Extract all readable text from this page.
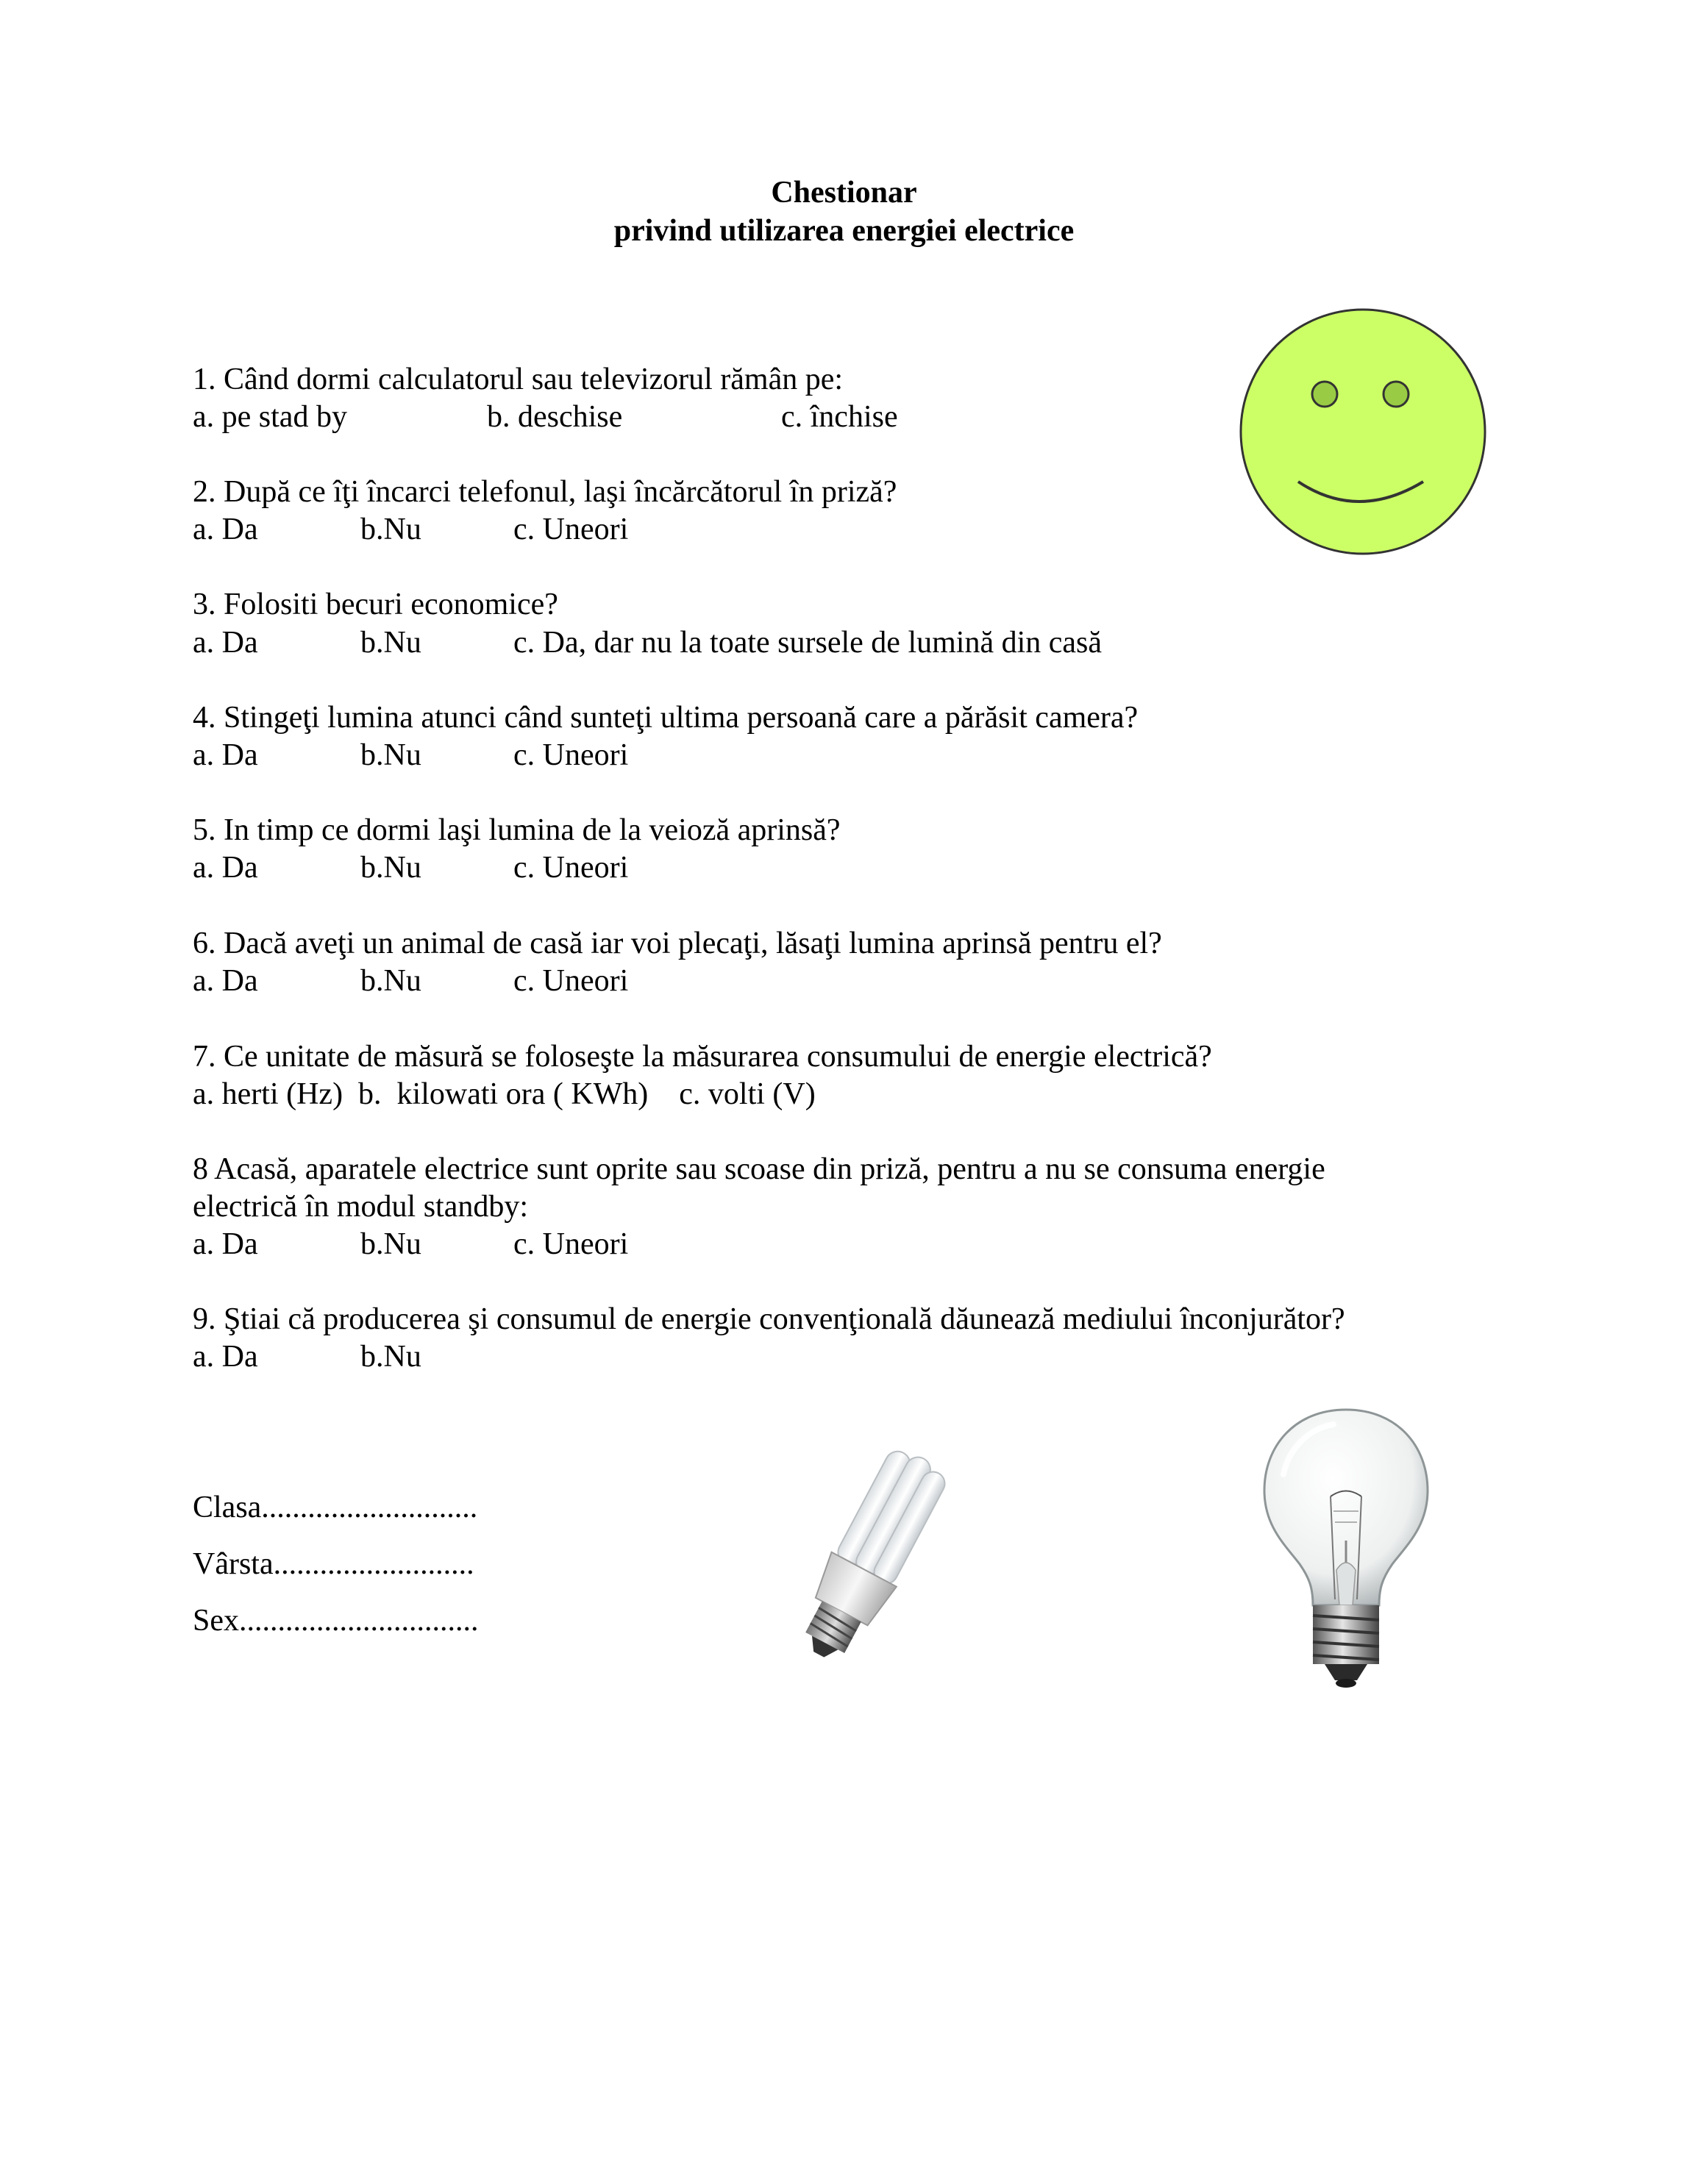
Chestionar
privind utilizarea energiei electrice
1. Când dormi calculatorul sau televizorul rămân pe:
a. pe stad by	b. deschise	c. închise
2. După ce îţi încarci telefonul, laşi încărcătorul în priză?
a. Da	b.Nu	c. Uneori
3. Folositi becuri economice?
a. Da	b.Nu	c. Da, dar nu la toate sursele de lumină din casă
4. Stingeţi lumina atunci când sunteţi ultima persoană care a părăsit camera?
a. Da	b.Nu	c. Uneori
5. In timp ce dormi laşi lumina de la veioză aprinsă?
a. Da	b.Nu	c. Uneori
6. Dacă aveţi un animal de casă iar voi plecaţi, lăsaţi lumina aprinsă pentru el?
a. Da	b.Nu	c. Uneori
7. Ce unitate de măsură se foloseşte la măsurarea consumului de energie electrică?
a. herti (Hz)  b.  kilowati ora ( KWh)    c. volti (V)
8 Acasă, aparatele electrice sunt oprite sau scoase din priză, pentru a nu se consuma energie
electrică în modul standby:
a. Da	b.Nu	c. Uneori
9. Ştiai că producerea şi consumul de energie convenţională dăunează mediului înconjurător?
a. Da	b.Nu
Clasa............................
Vârsta..........................
Sex...............................
